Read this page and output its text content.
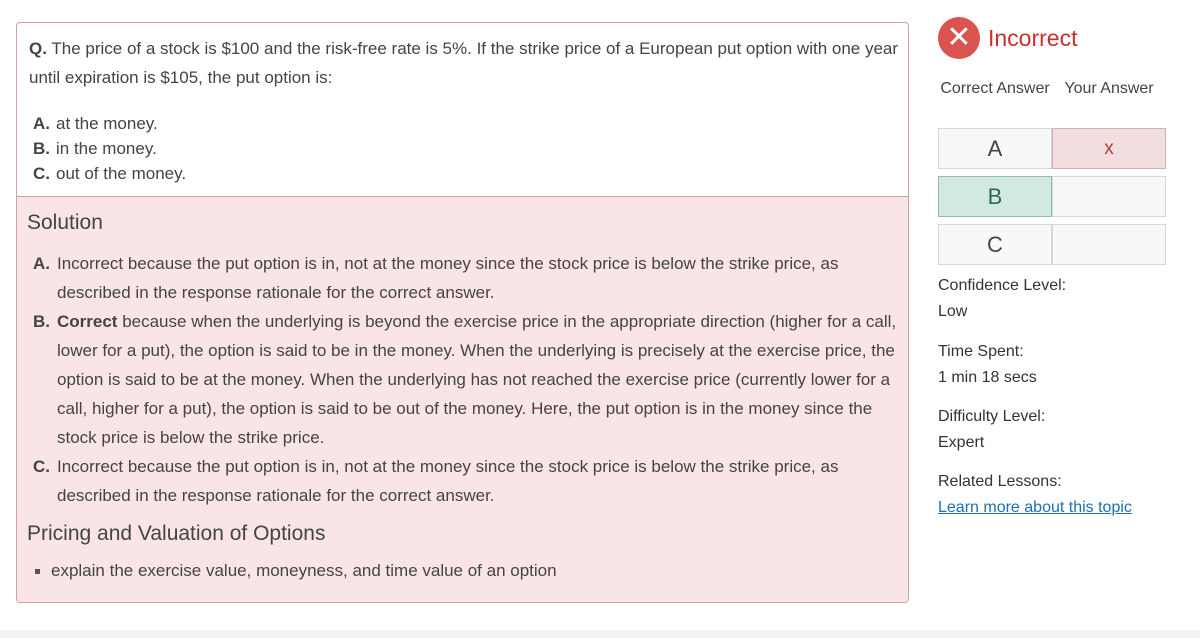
Q. The price of a stock is $100 and the risk-free rate is 5%. If the strike price of a European put option with one year until expiration is $105, the put option is:
A. at the money.
B. in the money.
C. out of the money.
Solution
A. Incorrect because the put option is in, not at the money since the stock price is below the strike price, as described in the response rationale for the correct answer.
B. Correct because when the underlying is beyond the exercise price in the appropriate direction (higher for a call, lower for a put), the option is said to be in the money. When the underlying is precisely at the exercise price, the option is said to be at the money. When the underlying has not reached the exercise price (currently lower for a call, higher for a put), the option is said to be out of the money. Here, the put option is in the money since the stock price is below the strike price.
C. Incorrect because the put option is in, not at the money since the stock price is below the strike price, as described in the response rationale for the correct answer.
Pricing and Valuation of Options
explain the exercise value, moneyness, and time value of an option
✕ Incorrect
Correct Answer Your Answer
A	x
B
C
Confidence Level:
Low
Time Spent:
1 min 18 secs
Difficulty Level:
Expert
Related Lessons:
Learn more about this topic
